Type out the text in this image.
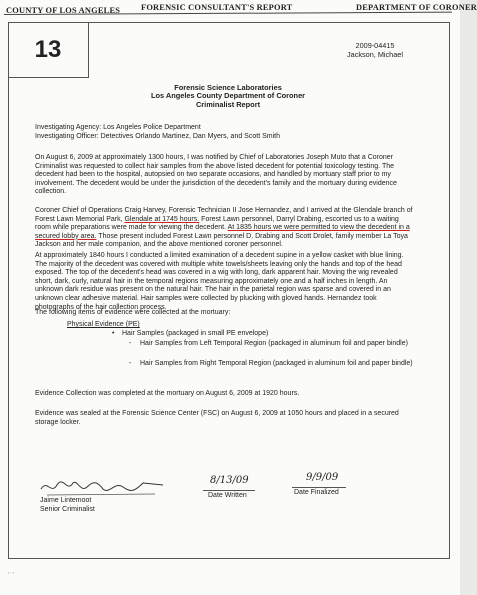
COUNTY OF LOS ANGELES FORENSIC CONSULTANT'S REPORT	DEPARTMENT OF CORONER
13	2009-04415
Jackson, Michael
Forensic Science Laboratories
Los Angeles County Department of Coroner
Criminalist Report
Investigating Agency: Los Angeles Police Department
Investigating Officer: Detectives Orlando Martinez, Dan Myers, and Scott Smith
On August 6, 2009 at approximately 1300 hours, I was notified by Chief of Laboratories Joseph Muto that a Coroner Criminalist was requested to collect hair samples from the above listed decedent for potential toxicology testing. The decedent had been to the hospital, autopsied on two separate occasions, and handled by mortuary staff prior to my involvement. The decedent would be under the jurisdiction of the decedent's family and the mortuary during evidence collection.
Coroner Chief of Operations Craig Harvey, Forensic Technician II Jose Hernandez, and I arrived at the Glendale branch of Forest Lawn Memorial Park, Glendale at 1745 hours. Forest Lawn personnel, Darryl Drabing, escorted us to a waiting room while preparations were made for viewing the decedent. At 1835 hours we were permitted to view the decedent in a secured lobby area. Those present included Forest Lawn personnel D. Drabing and Scott Drolet, family member La Toya Jackson and her male companion, and the above mentioned coroner personnel.
At approximately 1840 hours I conducted a limited examination of a decedent supine in a yellow casket with blue lining. The majority of the decedent was covered with multiple white towels/sheets leaving only the hands and top of the head exposed. The top of the decedent's head was covered in a wig with long, dark apparent hair. Moving the wig revealed short, dark, curly, natural hair in the temporal regions measuring approximately one and a half inches in length. An unknown dark residue was present on the natural hair. The hair in the parietal region was sparse and covered in an unknown clear adhesive material. Hair samples were collected by plucking with gloved hands. Hernandez took photographs of the hair collection process.
The following items of evidence were collected at the mortuary:
Physical Evidence (PE)
• Hair Samples (packaged in small PE envelope)
- Hair Samples from Left Temporal Region (packaged in aluminum foil and paper bindle)
- Hair Samples from Right Temporal Region (packaged in aluminum foil and paper bindle)
Evidence Collection was completed at the mortuary on August 6, 2009 at 1920 hours.
Evidence was sealed at the Forensic Science Center (FSC) on August 6, 2009 at 1050 hours and placed in a secured storage locker.
Jaime Lintemoot
Senior Criminalist
8/13/09
Date Written
9/9/09
Date Finalized
▪ ▫ ▪
